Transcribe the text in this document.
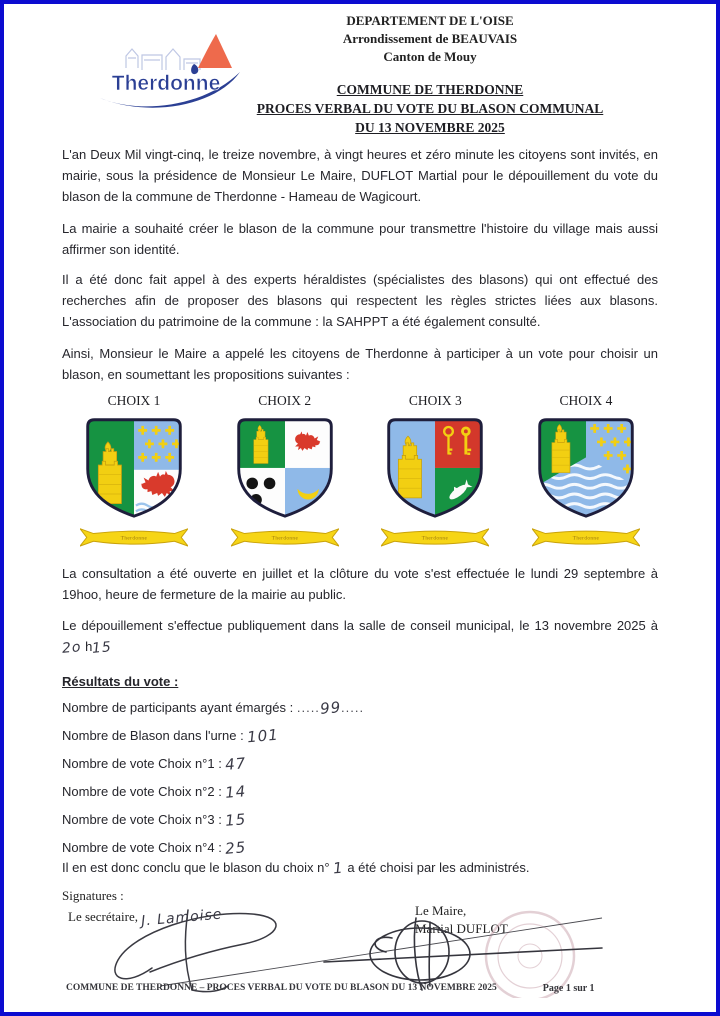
Therdonne
DEPARTEMENT DE L'OISE
Arrondissement de BEAUVAIS
Canton de Mouy
COMMUNE DE THERDONNE
PROCES VERBAL DU VOTE DU BLASON COMMUNAL
DU 13 NOVEMBRE 2025

L'an Deux Mil vingt-cinq, le treize novembre, à vingt heures et zéro minute les citoyens sont invités, en mairie, sous la présidence de Monsieur Le Maire, DUFLOT Martial pour le dépouillement du vote du blason de la commune de Therdonne - Hameau de Wagicourt.

La mairie a souhaité créer le blason de la commune pour transmettre l'histoire du village mais aussi affirmer son identité.

Il a été donc fait appel à des experts héraldistes (spécialistes des blasons) qui ont effectué des recherches afin de proposer des blasons qui respectent les règles strictes liées aux blasons. L'association du patrimoine de la commune : la SAHPPT a été également consulté.

Ainsi, Monsieur le Maire a appelé les citoyens de Therdonne à participer à un vote pour choisir un blason, en soumettant les propositions suivantes :

CHOIX 1
Therdonne
CHOIX 2
Therdonne
CHOIX 3
Therdonne
CHOIX 4
Therdonne

La consultation a été ouverte en juillet et la clôture du vote s'est effectuée le lundi 29 septembre à 19hoo, heure de fermeture de la mairie au public.

Le dépouillement s'effectue publiquement dans la salle de conseil municipal, le 13 novembre 2025 à 2o h15

Résultats du vote :

Nombre de participants ayant émargés : .....99.....

Nombre de Blason dans l'urne : 101

Nombre de vote Choix n°1 : 47

Nombre de vote Choix n°2 : 14

Nombre de vote Choix n°3 : 15

Nombre de vote Choix n°4 : 25

Il en est donc conclu que le blason du choix n° 1 a été choisi par les administrés.

Signatures :
Le secrétaire, J. Lamoise	Le Maire,
Martial DUFLOT
COMMUNE DE THERDONNE – PROCES VERBAL DU VOTE DU BLASON DU 13 NOVEMBRE 2025	Page 1 sur 1
